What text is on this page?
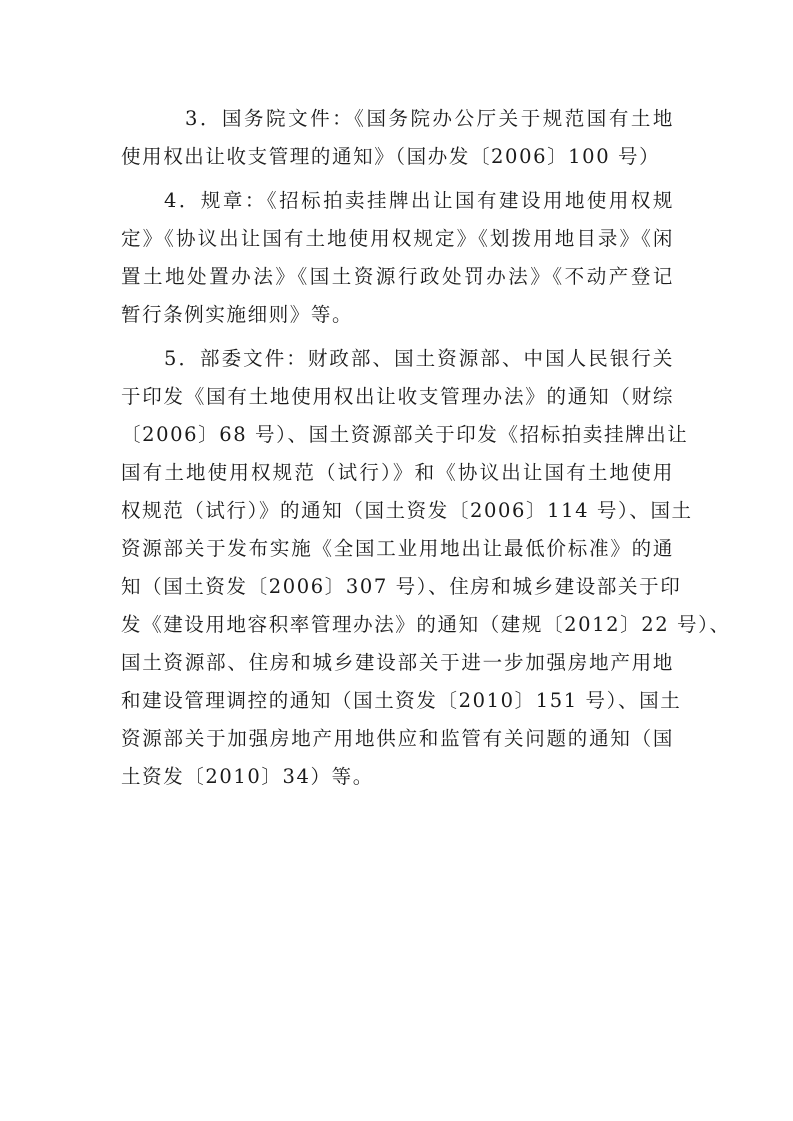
3．国务院文件：《国务院办公厅关于规范国有土地
使用权出让收支管理的通知》（国办发〔2006〕100 号）
4．规章：《招标拍卖挂牌出让国有建设用地使用权规
定》《协议出让国有土地使用权规定》《划拨用地目录》《闲
置土地处置办法》《国土资源行政处罚办法》《不动产登记
暂行条例实施细则》等。
5．部委文件：财政部、国土资源部、中国人民银行关
于印发《国有土地使用权出让收支管理办法》的通知（财综
〔2006〕68 号）、国土资源部关于印发《招标拍卖挂牌出让
国有土地使用权规范（试行）》和《协议出让国有土地使用
权规范（试行）》的通知（国土资发〔2006〕114 号）、国土
资源部关于发布实施《全国工业用地出让最低价标准》的通
知（国土资发〔2006〕307 号）、住房和城乡建设部关于印
发《建设用地容积率管理办法》的通知（建规〔2012〕22 号）、
国土资源部、住房和城乡建设部关于进一步加强房地产用地
和建设管理调控的通知（国土资发〔2010〕151 号）、国土
资源部关于加强房地产用地供应和监管有关问题的通知（国
土资发〔2010〕34）等。
